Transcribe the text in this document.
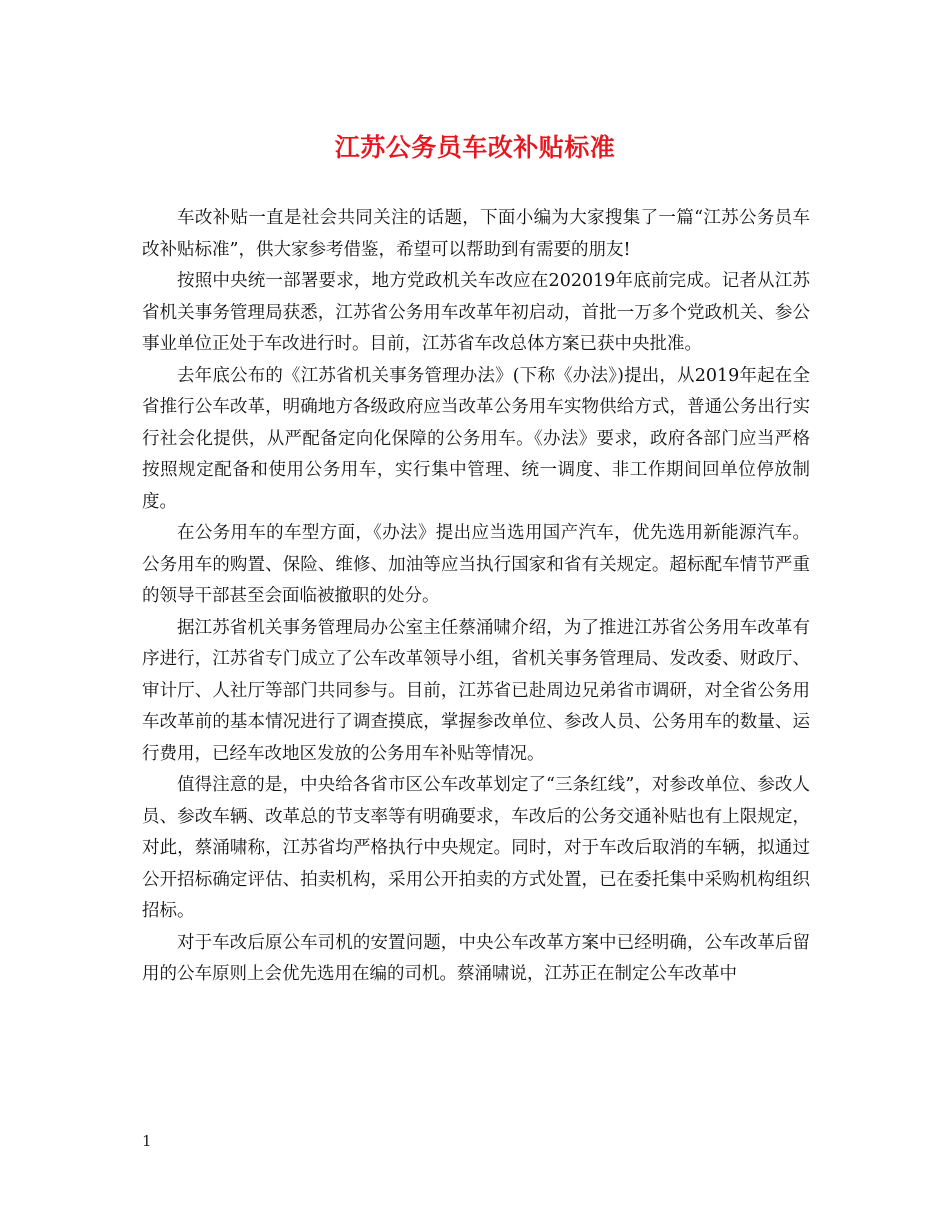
江苏公务员车改补贴标准

车改补贴一直是社会共同关注的话题，下面小编为大家搜集了一篇“江苏公务员车改补贴标准”，供大家参考借鉴，希望可以帮助到有需要的朋友!

按照中央统一部署要求，地方党政机关车改应在202019年底前完成。记者从江苏省机关事务管理局获悉，江苏省公务用车改革年初启动，首批一万多个党政机关、参公事业单位正处于车改进行时。目前，江苏省车改总体方案已获中央批准。

去年底公布的《江苏省机关事务管理办法》(下称《办法》)提出，从2019年起在全省推行公车改革，明确地方各级政府应当改革公务用车实物供给方式，普通公务出行实行社会化提供，从严配备定向化保障的公务用车。《办法》要求，政府各部门应当严格按照规定配备和使用公务用车，实行集中管理、统一调度、非工作期间回单位停放制度。

在公务用车的车型方面，《办法》提出应当选用国产汽车，优先选用新能源汽车。公务用车的购置、保险、维修、加油等应当执行国家和省有关规定。超标配车情节严重的领导干部甚至会面临被撤职的处分。

据江苏省机关事务管理局办公室主任蔡涌啸介绍，为了推进江苏省公务用车改革有序进行，江苏省专门成立了公车改革领导小组，省机关事务管理局、发改委、财政厅、审计厅、人社厅等部门共同参与。目前，江苏省已赴周边兄弟省市调研，对全省公务用车改革前的基本情况进行了调查摸底，掌握参改单位、参改人员、公务用车的数量、运行费用，已经车改地区发放的公务用车补贴等情况。

值得注意的是，中央给各省市区公车改革划定了“三条红线”，对参改单位、参改人员、参改车辆、改革总的节支率等有明确要求，车改后的公务交通补贴也有上限规定，对此，蔡涌啸称，江苏省均严格执行中央规定。同时，对于车改后取消的车辆，拟通过公开招标确定评估、拍卖机构，采用公开拍卖的方式处置，已在委托集中采购机构组织招标。

对于车改后原公车司机的安置问题，中央公车改革方案中已经明确，公车改革后留用的公车原则上会优先选用在编的司机。蔡涌啸说，江苏正在制定公车改革中

1
